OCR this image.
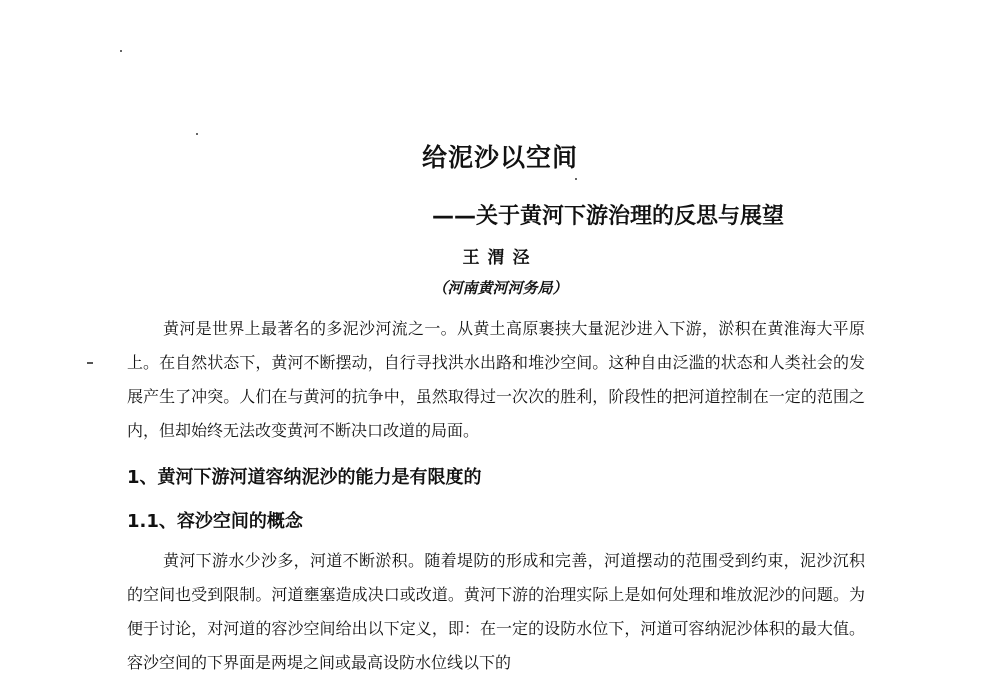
给泥沙以空间
——关于黄河下游治理的反思与展望
王渭泾
（河南黄河河务局）

黄河是世界上最著名的多泥沙河流之一。从黄土高原裹挟大量泥沙进入下游，淤积在黄淮海大平原上。在自然状态下，黄河不断摆动，自行寻找洪水出路和堆沙空间。这种自由泛滥的状态和人类社会的发展产生了冲突。人们在与黄河的抗争中，虽然取得过一次次的胜利，阶段性的把河道控制在一定的范围之内，但却始终无法改变黄河不断决口改道的局面。

1、黄河下游河道容纳泥沙的能力是有限度的
1.1、容沙空间的概念

黄河下游水少沙多，河道不断淤积。随着堤防的形成和完善，河道摆动的范围受到约束，泥沙沉积的空间也受到限制。河道壅塞造成决口或改道。黄河下游的治理实际上是如何处理和堆放泥沙的问题。为便于讨论，对河道的容沙空间给出以下定义，即：在一定的设防水位下，河道可容纳泥沙体积的最大值。容沙空间的下界面是两堤之间或最高设防水位线以下的
